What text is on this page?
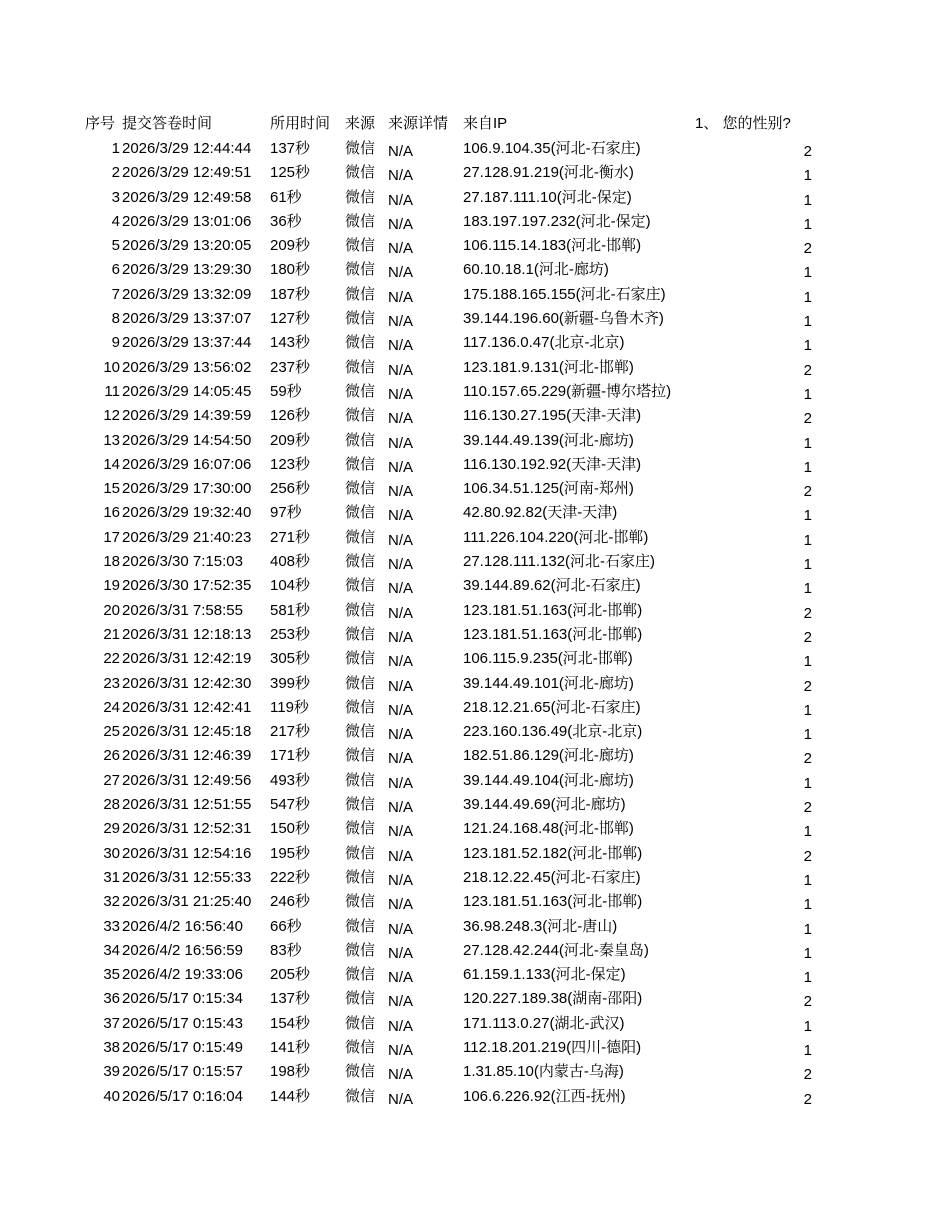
序号 提交答卷时间	所用时间 来源 来源详情 来自IP	1、 您的性别?
1 2026/3/29 12:44:44 137秒 微信 N/A	106.9.104.35(河北-石家庄)	2
2 2026/3/29 12:49:51 125秒 微信 N/A	27.128.91.219(河北-衡水)	1
3 2026/3/29 12:49:58 61秒	微信 N/A	27.187.111.10(河北-保定)	1
4 2026/3/29 13:01:06 36秒	微信 N/A	183.197.197.232(河北-保定)	1
5 2026/3/29 13:20:05 209秒 微信 N/A	106.115.14.183(河北-邯郸)	2
6 2026/3/29 13:29:30 180秒 微信 N/A	60.10.18.1(河北-廊坊)	1
7 2026/3/29 13:32:09 187秒 微信 N/A	175.188.165.155(河北-石家庄)	1
8 2026/3/29 13:37:07 127秒 微信 N/A	39.144.196.60(新疆-乌鲁木齐)	1
9 2026/3/29 13:37:44 143秒 微信 N/A	117.136.0.47(北京-北京)	1
10 2026/3/29 13:56:02 237秒 微信 N/A	123.181.9.131(河北-邯郸)	2
11 2026/3/29 14:05:45 59秒	微信 N/A	110.157.65.229(新疆-博尔塔拉)	1
12 2026/3/29 14:39:59 126秒 微信 N/A	116.130.27.195(天津-天津)	2
13 2026/3/29 14:54:50 209秒 微信 N/A	39.144.49.139(河北-廊坊)	1
14 2026/3/29 16:07:06 123秒 微信 N/A	116.130.192.92(天津-天津)	1
15 2026/3/29 17:30:00 256秒 微信 N/A	106.34.51.125(河南-郑州)	2
16 2026/3/29 19:32:40 97秒	微信 N/A	42.80.92.82(天津-天津)	1
17 2026/3/29 21:40:23 271秒 微信 N/A	111.226.104.220(河北-邯郸)	1
18 2026/3/30 7:15:03 408秒 微信 N/A	27.128.111.132(河北-石家庄)	1
19 2026/3/30 17:52:35 104秒 微信 N/A	39.144.89.62(河北-石家庄)	1
20 2026/3/31 7:58:55 581秒 微信 N/A	123.181.51.163(河北-邯郸)	2
21 2026/3/31 12:18:13 253秒 微信 N/A	123.181.51.163(河北-邯郸)	2
22 2026/3/31 12:42:19 305秒 微信 N/A	106.115.9.235(河北-邯郸)	1
23 2026/3/31 12:42:30 399秒 微信 N/A	39.144.49.101(河北-廊坊)	2
24 2026/3/31 12:42:41 119秒 微信 N/A	218.12.21.65(河北-石家庄)	1
25 2026/3/31 12:45:18 217秒 微信 N/A	223.160.136.49(北京-北京)	1
26 2026/3/31 12:46:39 171秒 微信 N/A	182.51.86.129(河北-廊坊)	2
27 2026/3/31 12:49:56 493秒 微信 N/A	39.144.49.104(河北-廊坊)	1
28 2026/3/31 12:51:55 547秒 微信 N/A	39.144.49.69(河北-廊坊)	2
29 2026/3/31 12:52:31 150秒 微信 N/A	121.24.168.48(河北-邯郸)	1
30 2026/3/31 12:54:16 195秒 微信 N/A	123.181.52.182(河北-邯郸)	2
31 2026/3/31 12:55:33 222秒 微信 N/A	218.12.22.45(河北-石家庄)	1
32 2026/3/31 21:25:40 246秒 微信 N/A	123.181.51.163(河北-邯郸)	1
33 2026/4/2 16:56:40 66秒	微信 N/A	36.98.248.3(河北-唐山)	1
34 2026/4/2 16:56:59 83秒	微信 N/A	27.128.42.244(河北-秦皇岛)	1
35 2026/4/2 19:33:06 205秒 微信 N/A	61.159.1.133(河北-保定)	1
36 2026/5/17 0:15:34 137秒 微信 N/A	120.227.189.38(湖南-邵阳)	2
37 2026/5/17 0:15:43 154秒 微信 N/A	171.113.0.27(湖北-武汉)	1
38 2026/5/17 0:15:49 141秒 微信 N/A	112.18.201.219(四川-德阳)	1
39 2026/5/17 0:15:57 198秒 微信 N/A	1.31.85.10(内蒙古-乌海)	2
40 2026/5/17 0:16:04 144秒 微信 N/A	106.6.226.92(江西-抚州)	2
